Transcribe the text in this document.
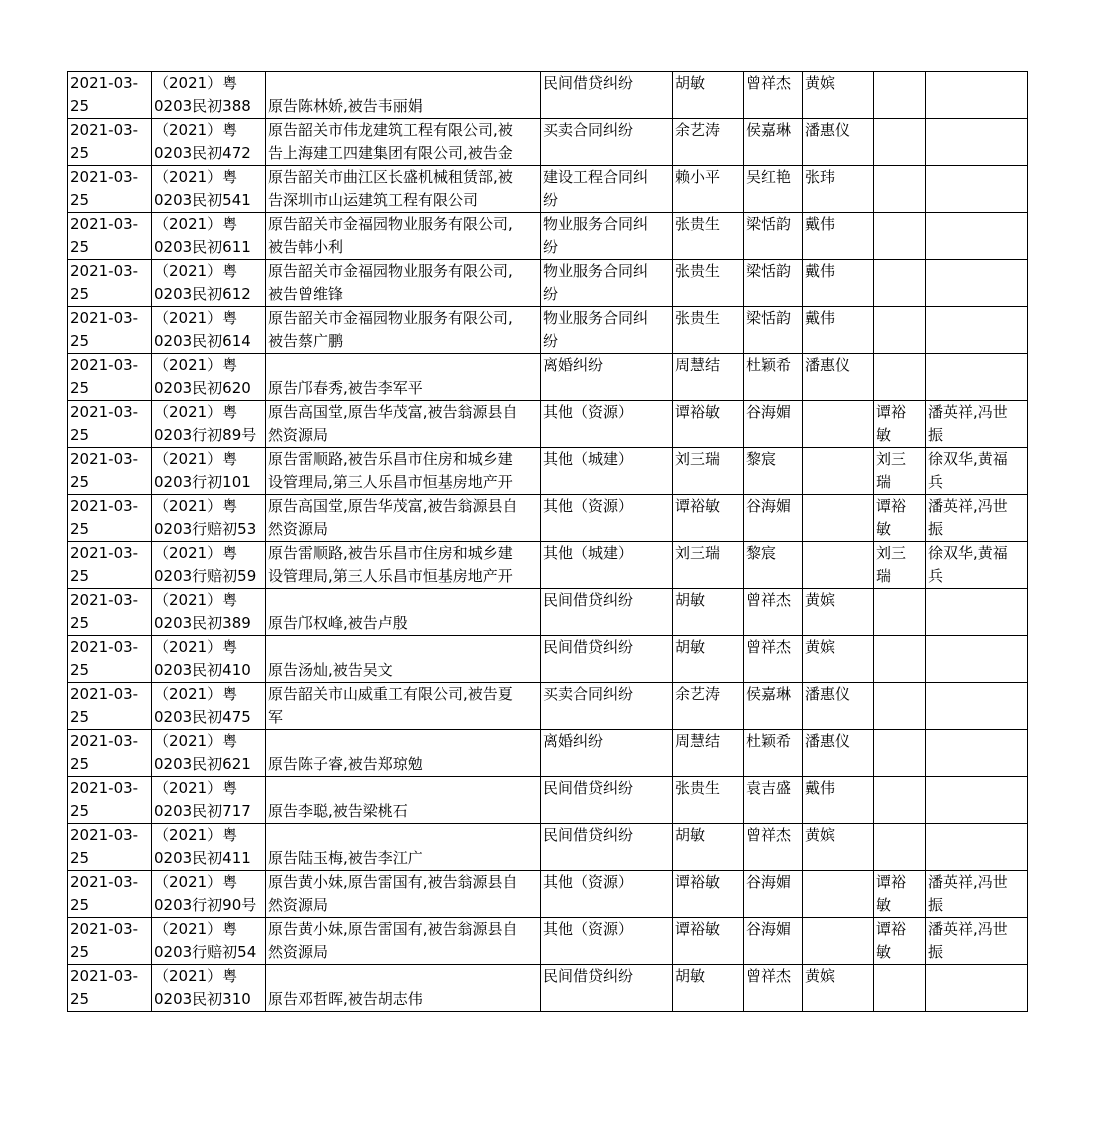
2021-03-
25	（2021）粤
0203民初388	
原告陈林娇,被告韦丽娟	民间借贷纠纷	胡敏	曾祥杰	黄嫔		
2021-03-
25	（2021）粤
0203民初472	原告韶关市伟龙建筑工程有限公司,被
告上海建工四建集团有限公司,被告金	买卖合同纠纷	余艺涛	侯嘉琳	潘惠仪		
2021-03-
25	（2021）粤
0203民初541	原告韶关市曲江区长盛机械租赁部,被
告深圳市山运建筑工程有限公司	建设工程合同纠
纷	赖小平	吴红艳	张玮		
2021-03-
25	（2021）粤
0203民初611	原告韶关市金福园物业服务有限公司,
被告韩小利	物业服务合同纠
纷	张贵生	梁恬韵	戴伟		
2021-03-
25	（2021）粤
0203民初612	原告韶关市金福园物业服务有限公司,
被告曾维锋	物业服务合同纠
纷	张贵生	梁恬韵	戴伟		
2021-03-
25	（2021）粤
0203民初614	原告韶关市金福园物业服务有限公司,
被告蔡广鹏	物业服务合同纠
纷	张贵生	梁恬韵	戴伟		
2021-03-
25	（2021）粤
0203民初620	
原告邝春秀,被告李军平	离婚纠纷	周慧结	杜颖希	潘惠仪		
2021-03-
25	（2021）粤
0203行初89号	原告高国堂,原告华茂富,被告翁源县自
然资源局	其他（资源）	谭裕敏	谷海媚		谭裕
敏	潘英祥,冯世
振
2021-03-
25	（2021）粤
0203行初101	原告雷顺路,被告乐昌市住房和城乡建
设管理局,第三人乐昌市恒基房地产开	其他（城建）	刘三瑞	黎宸		刘三
瑞	徐双华,黄福
兵
2021-03-
25	（2021）粤
0203行赔初53	原告高国堂,原告华茂富,被告翁源县自
然资源局	其他（资源）	谭裕敏	谷海媚		谭裕
敏	潘英祥,冯世
振
2021-03-
25	（2021）粤
0203行赔初59	原告雷顺路,被告乐昌市住房和城乡建
设管理局,第三人乐昌市恒基房地产开	其他（城建）	刘三瑞	黎宸		刘三
瑞	徐双华,黄福
兵
2021-03-
25	（2021）粤
0203民初389	
原告邝权峰,被告卢殷	民间借贷纠纷	胡敏	曾祥杰	黄嫔		
2021-03-
25	（2021）粤
0203民初410	
原告汤灿,被告吴文	民间借贷纠纷	胡敏	曾祥杰	黄嫔		
2021-03-
25	（2021）粤
0203民初475	原告韶关市山威重工有限公司,被告夏
军	买卖合同纠纷	余艺涛	侯嘉琳	潘惠仪		
2021-03-
25	（2021）粤
0203民初621	
原告陈子睿,被告郑琼勉	离婚纠纷	周慧结	杜颖希	潘惠仪		
2021-03-
25	（2021）粤
0203民初717	
原告李聪,被告梁桃石	民间借贷纠纷	张贵生	袁吉盛	戴伟		
2021-03-
25	（2021）粤
0203民初411	
原告陆玉梅,被告李江广	民间借贷纠纷	胡敏	曾祥杰	黄嫔		
2021-03-
25	（2021）粤
0203行初90号	原告黄小妹,原告雷国有,被告翁源县自
然资源局	其他（资源）	谭裕敏	谷海媚		谭裕
敏	潘英祥,冯世
振
2021-03-
25	（2021）粤
0203行赔初54	原告黄小妹,原告雷国有,被告翁源县自
然资源局	其他（资源）	谭裕敏	谷海媚		谭裕
敏	潘英祥,冯世
振
2021-03-
25	（2021）粤
0203民初310	
原告邓哲晖,被告胡志伟	民间借贷纠纷	胡敏	曾祥杰	黄嫔		
